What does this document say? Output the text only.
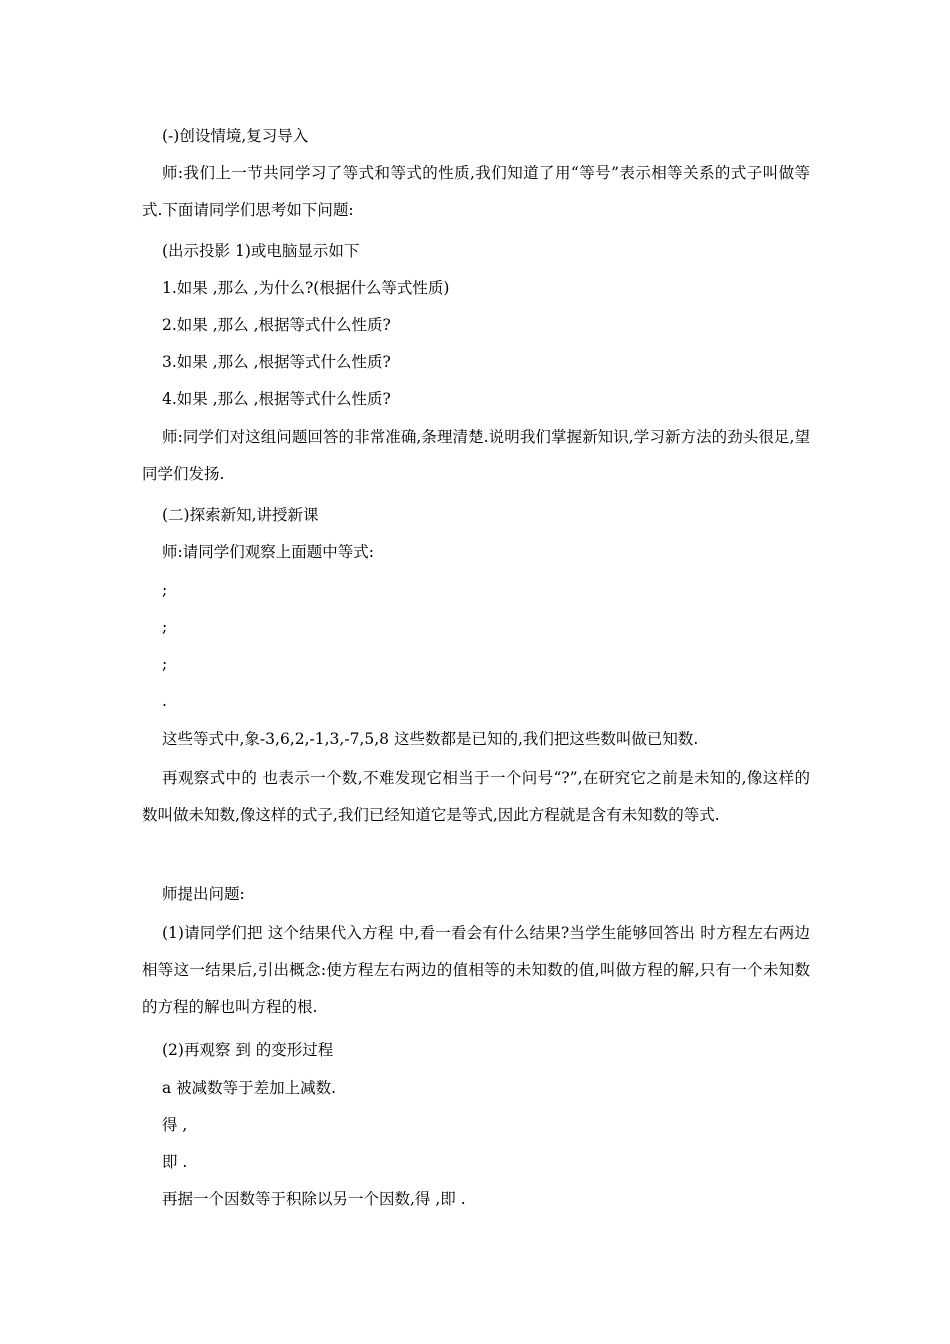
(-)创设情境,复习导入

师:我们上一节共同学习了等式和等式的性质,我们知道了用“等号”表示相等关系的式子叫做等式.下面请同学们思考如下问题:

(出示投影 1)或电脑显示如下

1.如果 ,那么 ,为什么?(根据什么等式性质)

2.如果 ,那么 ,根据等式什么性质?

3.如果 ,那么 ,根据等式什么性质?

4.如果 ,那么 ,根据等式什么性质?

师:同学们对这组问题回答的非常准确,条理清楚.说明我们掌握新知识,学习新方法的劲头很足,望同学们发扬.

(二)探索新知,讲授新课

师:请同学们观察上面题中等式:

;

;

;

.

这些等式中,象-3,6,2,-1,3,-7,5,8 这些数都是已知的,我们把这些数叫做已知数.

再观察式中的 也表示一个数,不难发现它相当于一个问号“?”,在研究它之前是未知的,像这样的数叫做未知数,像这样的式子,我们已经知道它是等式,因此方程就是含有未知数的等式.

师提出问题:

(1)请同学们把 这个结果代入方程 中,看一看会有什么结果?当学生能够回答出 时方程左右两边相等这一结果后,引出概念:使方程左右两边的值相等的未知数的值,叫做方程的解,只有一个未知数的方程的解也叫方程的根.

(2)再观察 到 的变形过程

a 被减数等于差加上减数.

得 ,

即 .

再据一个因数等于积除以另一个因数,得 ,即 .
